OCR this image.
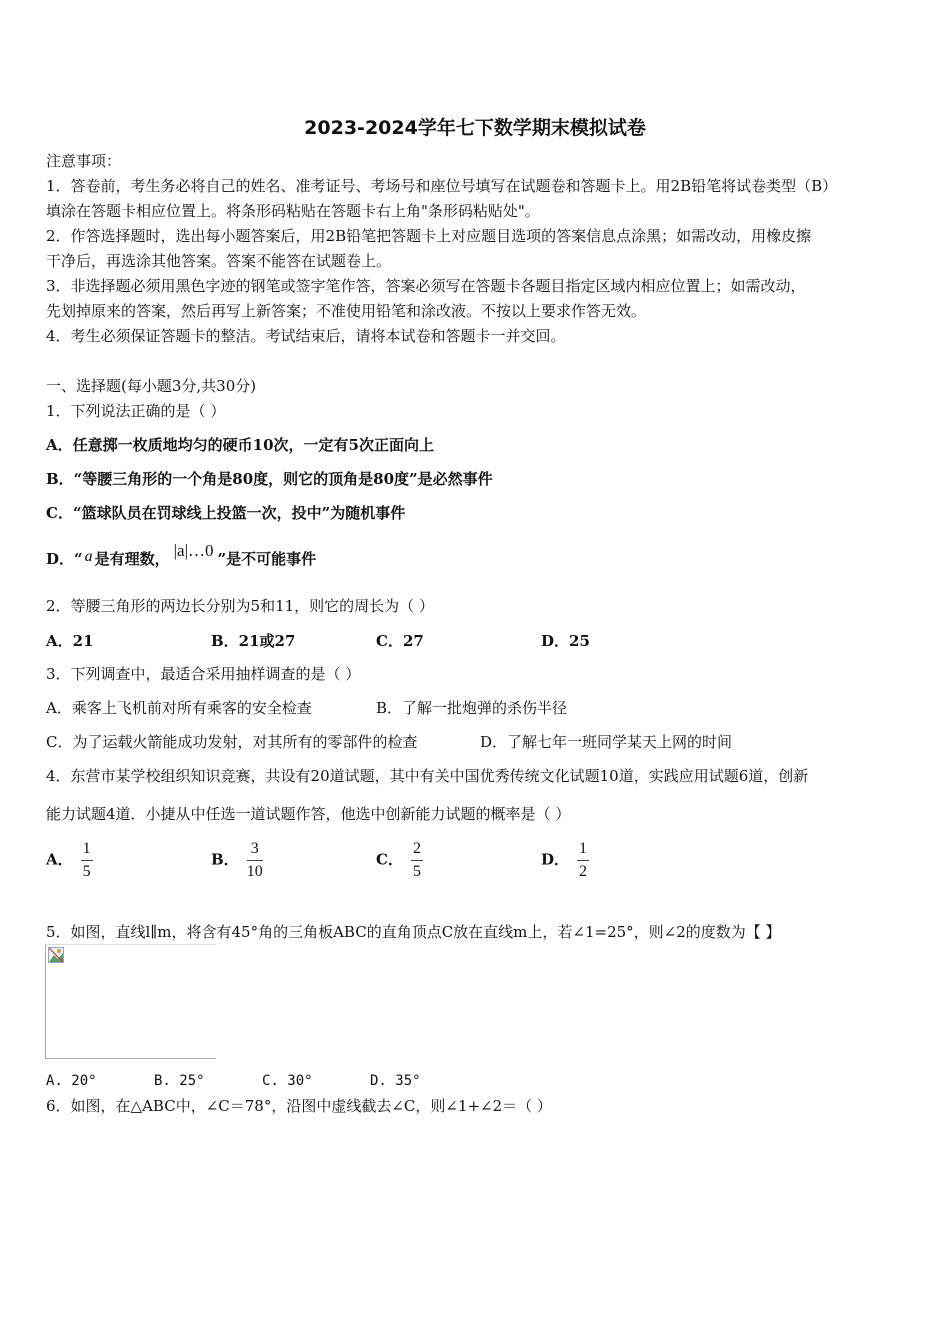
2023-2024学年七下数学期末模拟试卷
注意事项：
1．答卷前，考生务必将自己的姓名、准考证号、考场号和座位号填写在试题卷和答题卡上。用2B铅笔将试卷类型（B）
填涂在答题卡相应位置上。将条形码粘贴在答题卡右上角"条形码粘贴处"。
2．作答选择题时，选出每小题答案后，用2B铅笔把答题卡上对应题目选项的答案信息点涂黑；如需改动，用橡皮擦
干净后，再选涂其他答案。答案不能答在试题卷上。
3．非选择题必须用黑色字迹的钢笔或签字笔作答，答案必须写在答题卡各题目指定区域内相应位置上；如需改动，
先划掉原来的答案，然后再写上新答案；不准使用铅笔和涂改液。不按以上要求作答无效。
4．考生必须保证答题卡的整洁。考试结束后，请将本试卷和答题卡一并交回。
一、选择题(每小题3分,共30分)
1．下列说法正确的是（ ）
A．任意掷一枚质地均匀的硬币10次，一定有5次正面向上
B．“等腰三角形的一个角是80度，则它的顶角是80度”是必然事件
C．“篮球队员在罚球线上投篮一次，投中”为随机事件
D．“ a 是有理数， |a|…0 ”是不可能事件
2．等腰三角形的两边长分别为5和11，则它的周长为（ ）
A．21	B．21或27	C．27	D．25
3．下列调查中，最适合采用抽样调查的是（ ）
A．乘客上飞机前对所有乘客的安全检查	B．了解一批炮弹的杀伤半径
C．为了运载火箭能成功发射，对其所有的零部件的检查	D．了解七年一班同学某天上网的时间
4．东营市某学校组织知识竞赛，共设有20道试题，其中有关中国优秀传统文化试题10道，实践应用试题6道，创新
能力试题4道．小捷从中任选一道试题作答，他选中创新能力试题的概率是（ ）
A． $\frac{1}{5}$	B． $\frac{3}{10}$	C． $\frac{2}{5}$	D． $\frac{1}{2}$
5．如图，直线l∥m，将含有45°角的三角板ABC的直角顶点C放在直线m上，若∠1=25°，则∠2的度数为【 】
A. 20°	B. 25°	C. 30°	D. 35°
6．如图，在△ABC中，∠C＝78°，沿图中虚线截去∠C，则∠1+∠2＝（ ）
